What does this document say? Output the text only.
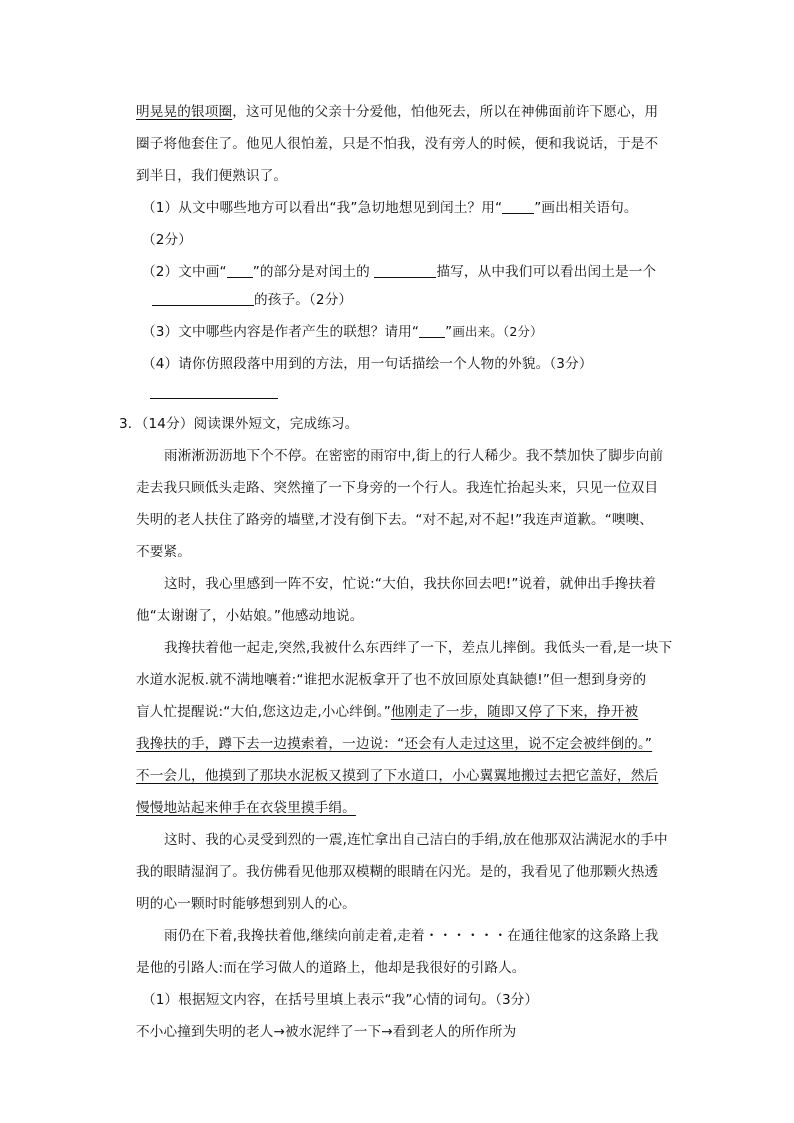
明晃晃的银项圈，这可见他的父亲十分爱他，怕他死去，所以在神佛面前许下愿心，用
圈子将他套住了。他见人很怕羞，只是不怕我，没有旁人的时候，便和我说话，于是不
到半日，我们便熟识了。
（1）从文中哪些地方可以看出“我”急切地想见到闰土？用“ ”画出相关语句。
（2分）
（2）文中画“ ”的部分是对闰土的	描写，从中我们可以看出闰土是一个
的孩子。（2分）
（3）文中哪些内容是作者产生的联想？请用“ ”画出来。（2分）
（4）请你仿照段落中用到的方法，用一句话描绘一个人物的外貌。（3分）
3．（14分）阅读课外短文，完成练习。
雨淅淅沥沥地下个不停。在密密的雨帘中,街上的行人稀少。我不禁加快了脚步向前
走去我只顾低头走路、突然撞了一下身旁的一个行人。我连忙抬起头来，只见一位双目
失明的老人扶住了路旁的墙壁,才没有倒下去。“对不起,对不起!”我连声道歉。“噢噢、
不要紧。
这时，我心里感到一阵不安，忙说:“大伯，我扶你回去吧!”说着，就伸出手搀扶着
他“太谢谢了，小姑娘。”他感动地说。
我搀扶着他一起走,突然,我被什么东西绊了一下，差点儿摔倒。我低头一看,是一块下
水道水泥板.就不满地嚷着:“谁把水泥板拿开了也不放回原处真缺德!”但一想到身旁的
盲人忙提醒说:“大伯,您这边走,小心绊倒。”他刚走了一步，随即又停了下来，挣开被
我搀扶的手，蹲下去一边摸索着，一边说：“还会有人走过这里，说不定会被绊倒的。”
不一会儿，他摸到了那块水泥板又摸到了下水道口，小心翼翼地搬过去把它盖好，然后
慢慢地站起来伸手在衣袋里摸手绢。
这时、我的心灵受到烈的一震,连忙拿出自己洁白的手绢,放在他那双沾满泥水的手中
我的眼睛湿润了。我仿佛看见他那双模糊的眼睛在闪光。是的，我看见了他那颗火热透
明的心一颗时时能够想到别人的心。
雨仍在下着,我搀扶着他,继续向前走着,走着・・・・・・在通往他家的这条路上我
是他的引路人:而在学习做人的道路上，他却是我很好的引路人。
（1）根据短文内容，在括号里填上表示“我”心情的词句。（3分）
不小心撞到失明的老人→被水泥绊了一下→看到老人的所作所为
